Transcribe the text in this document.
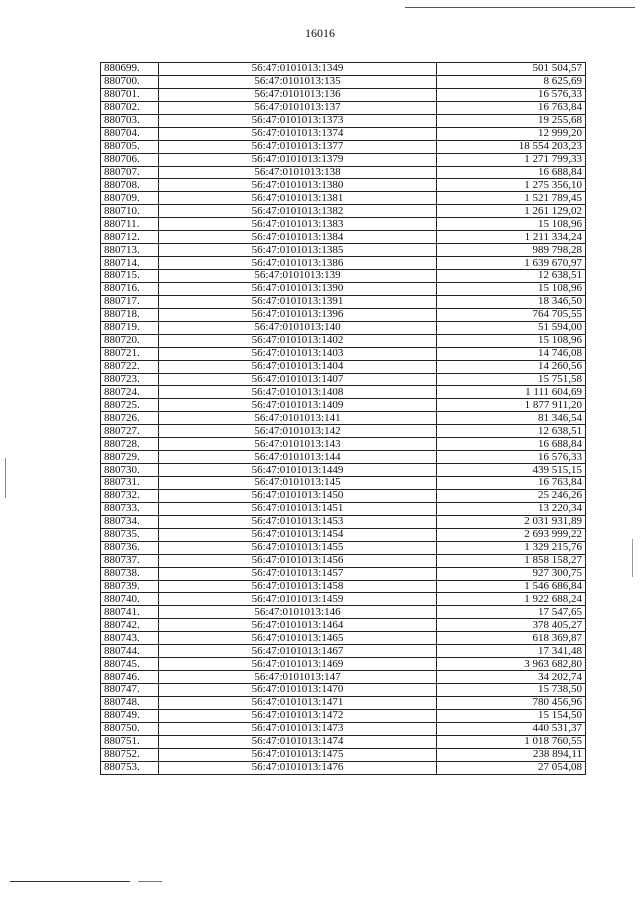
16016
880699.	56:47:0101013:1349	501 504,57
880700.	56:47:0101013:135	8 625,69
880701.	56:47:0101013:136	16 576,33
880702.	56:47:0101013:137	16 763,84
880703.	56:47:0101013:1373	19 255,68
880704.	56:47:0101013:1374	12 999,20
880705.	56:47:0101013:1377	18 554 203,23
880706.	56:47:0101013:1379	1 271 799,33
880707.	56:47:0101013:138	16 688,84
880708.	56:47:0101013:1380	1 275 356,10
880709.	56:47:0101013:1381	1 521 789,45
880710.	56:47:0101013:1382	1 261 129,02
880711.	56:47:0101013:1383	15 108,96
880712.	56:47:0101013:1384	1 211 334,24
880713.	56:47:0101013:1385	989 798,28
880714.	56:47:0101013:1386	1 639 670,97
880715.	56:47:0101013:139	12 638,51
880716.	56:47:0101013:1390	15 108,96
880717.	56:47:0101013:1391	18 346,50
880718.	56:47:0101013:1396	764 705,55
880719.	56:47:0101013:140	51 594,00
880720.	56:47:0101013:1402	15 108,96
880721.	56:47:0101013:1403	14 746,08
880722.	56:47:0101013:1404	14 260,56
880723.	56:47:0101013:1407	15 751,58
880724.	56:47:0101013:1408	1 111 604,69
880725.	56:47:0101013:1409	1 877 911,20
880726.	56:47:0101013:141	81 346,54
880727.	56:47:0101013:142	12 638,51
880728.	56:47:0101013:143	16 688,84
880729.	56:47:0101013:144	16 576,33
880730.	56:47:0101013:1449	439 515,15
880731.	56:47:0101013:145	16 763,84
880732.	56:47:0101013:1450	25 246,26
880733.	56:47:0101013:1451	13 220,34
880734.	56:47:0101013:1453	2 031 931,89
880735.	56:47:0101013:1454	2 693 999,22
880736.	56:47:0101013:1455	1 329 215,76
880737.	56:47:0101013:1456	1 858 158,27
880738.	56:47:0101013:1457	927 300,75
880739.	56:47:0101013:1458	1 546 686,84
880740.	56:47:0101013:1459	1 922 688,24
880741.	56:47:0101013:146	17 547,65
880742.	56:47:0101013:1464	378 405,27
880743.	56:47:0101013:1465	618 369,87
880744.	56:47:0101013:1467	17 341,48
880745.	56:47:0101013:1469	3 963 682,80
880746.	56:47:0101013:147	34 202,74
880747.	56:47:0101013:1470	15 738,50
880748.	56:47:0101013:1471	780 456,96
880749.	56:47:0101013:1472	15 154,50
880750.	56:47:0101013:1473	440 531,37
880751.	56:47:0101013:1474	1 018 760,55
880752.	56:47:0101013:1475	238 894,11
880753.	56:47:0101013:1476	27 054,08
